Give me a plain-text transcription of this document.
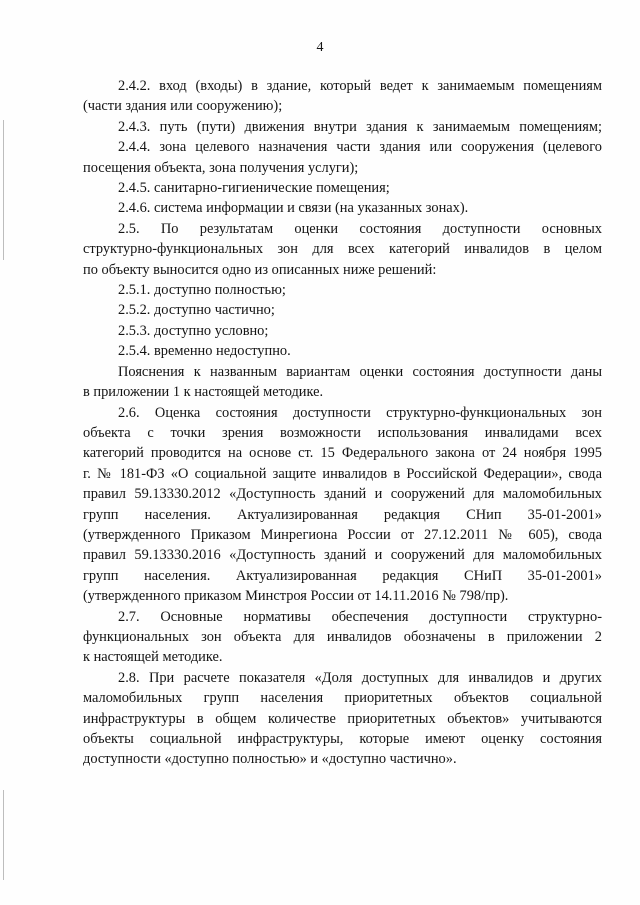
4

2.4.2. вход (входы) в здание, который ведет к занимаемым помещениям
(части здания или сооружению);

2.4.3. путь (пути) движения внутри здания к занимаемым помещениям;

2.4.4. зона целевого назначения части здания или сооружения (целевого
посещения объекта, зона получения услуги);

2.4.5. санитарно-гигиенические помещения;

2.4.6. система информации и связи (на указанных зонах).

2.5. По результатам оценки состояния доступности основных
структурно-функциональных зон для всех категорий инвалидов в целом
по объекту выносится одно из описанных ниже решений:

2.5.1. доступно полностью;

2.5.2. доступно частично;

2.5.3. доступно условно;

2.5.4. временно недоступно.

Пояснения к названным вариантам оценки состояния доступности даны
в приложении 1 к настоящей методике.

2.6. Оценка состояния доступности структурно-функциональных зон
объекта с точки зрения возможности использования инвалидами всех
категорий проводится на основе ст. 15 Федерального закона от 24 ноября 1995
г. № 181-ФЗ «О социальной защите инвалидов в Российской Федерации», свода
правил 59.13330.2012 «Доступность зданий и сооружений для маломобильных
групп населения. Актуализированная редакция СНип 35-01-2001»
(утвержденного Приказом Минрегиона России от 27.12.2011 № 605), свода
правил 59.13330.2016 «Доступность зданий и сооружений для маломобильных
групп населения. Актуализированная редакция СНиП 35-01-2001»
(утвержденного приказом Минстроя России от 14.11.2016 № 798/пр).

2.7. Основные нормативы обеспечения доступности структурно-
функциональных зон объекта для инвалидов обозначены в приложении 2
к настоящей методике.

2.8. При расчете показателя «Доля доступных для инвалидов и других
маломобильных групп населения приоритетных объектов социальной
инфраструктуры в общем количестве приоритетных объектов» учитываются
объекты социальной инфраструктуры, которые имеют оценку состояния
доступности «доступно полностью» и «доступно частично».
